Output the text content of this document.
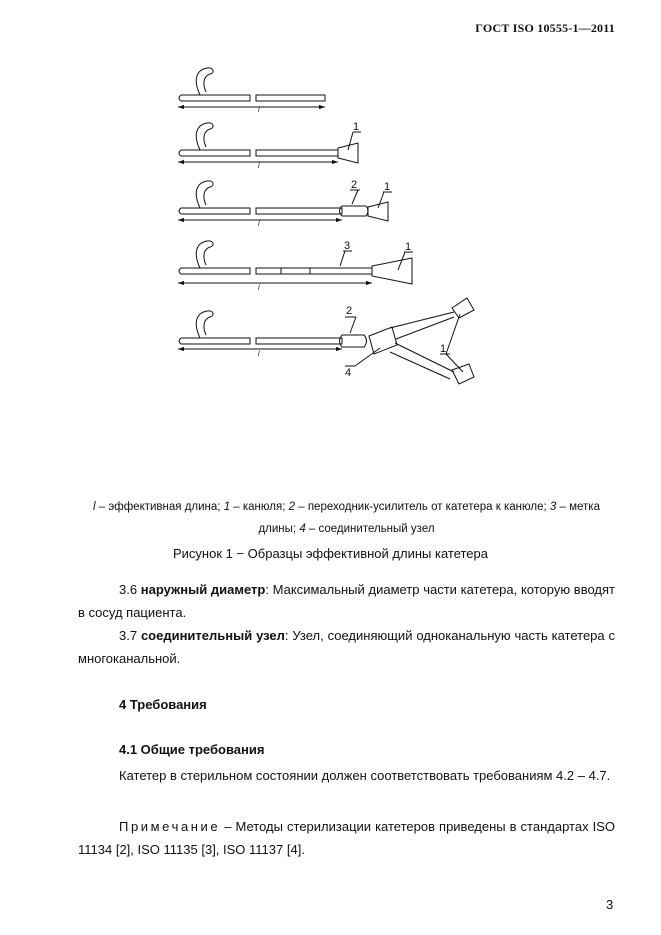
ГОСТ ISO 10555-1—2011
l
1
l
2 1
l
3	1
l
2
4
1
l
l – эффективная длина; 1 – канюля; 2 – переходник-усилитель от катетера к канюле; 3 – метка длины; 4 – соединительный узел
Рисунок 1 − Образцы эффективной длины катетера
3.6 наружный диаметр: Максимальный диаметр части катетера, которую вводят в сосуд пациента.
3.7 соединительный узел: Узел, соединяющий одноканальную часть катетера с многоканальной.
4 Требования
4.1 Общие требования
Катетер в стерильном состоянии должен соответствовать требованиям 4.2 – 4.7.
Примечание – Методы стерилизации катетеров приведены в стандартах ISO 11134 [2], ISO 11135 [3], ISO 11137 [4].
3
